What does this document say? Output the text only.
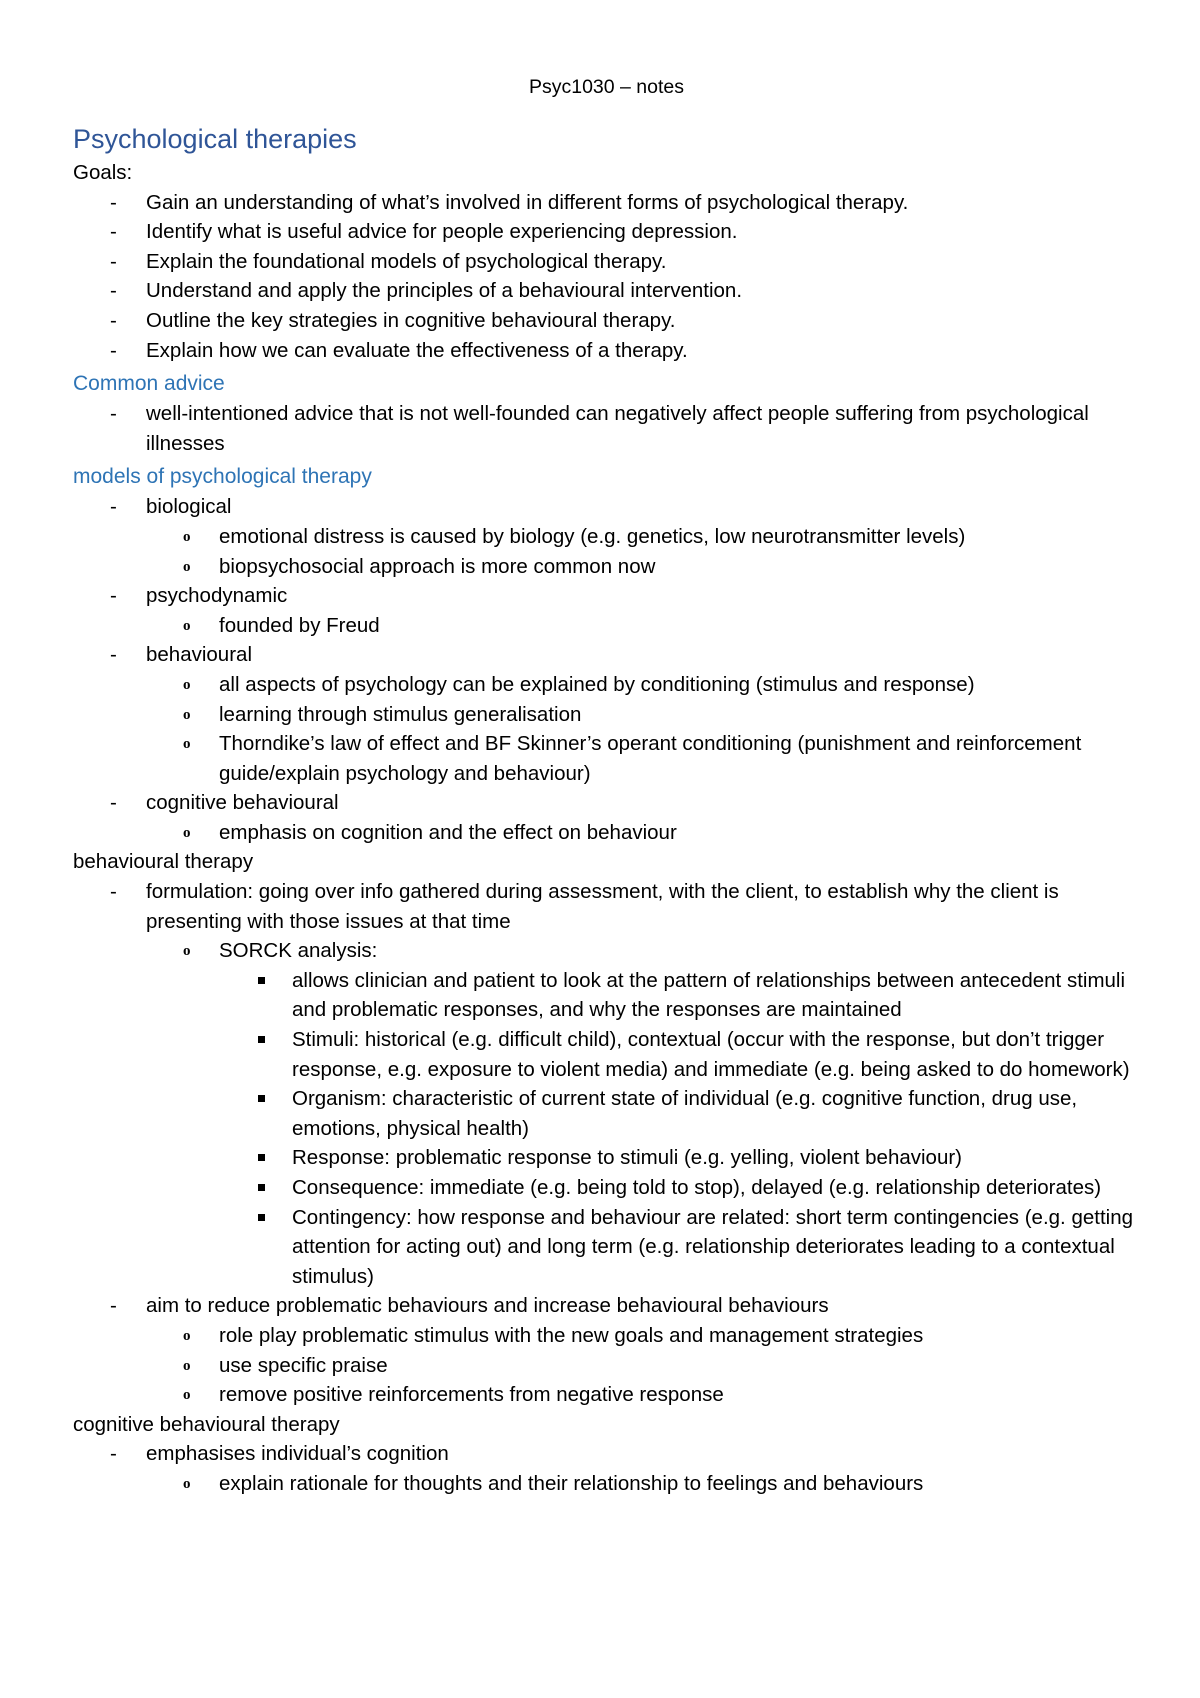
Psyc1030 – notes
Psychological therapies
Goals:
- Gain an understanding of what’s involved in different forms of psychological therapy.
- Identify what is useful advice for people experiencing depression.
- Explain the foundational models of psychological therapy.
- Understand and apply the principles of a behavioural intervention.
- Outline the key strategies in cognitive behavioural therapy.
- Explain how we can evaluate the effectiveness of a therapy.
Common advice
- well-intentioned advice that is not well-founded can negatively affect people suffering from psychological illnesses
models of psychological therapy
- biological
o emotional distress is caused by biology (e.g. genetics, low neurotransmitter levels)
o biopsychosocial approach is more common now
- psychodynamic
o founded by Freud
- behavioural
o all aspects of psychology can be explained by conditioning (stimulus and response)
o learning through stimulus generalisation
o Thorndike’s law of effect and BF Skinner’s operant conditioning (punishment and reinforcement guide/explain psychology and behaviour)
- cognitive behavioural
o emphasis on cognition and the effect on behaviour
behavioural therapy
- formulation: going over info gathered during assessment, with the client, to establish why the client is presenting with those issues at that time
o SORCK analysis:
allows clinician and patient to look at the pattern of relationships between antecedent stimuli and problematic responses, and why the responses are maintained
Stimuli: historical (e.g. difficult child), contextual (occur with the response, but don’t trigger response, e.g. exposure to violent media) and immediate (e.g. being asked to do homework)
Organism: characteristic of current state of individual (e.g. cognitive function, drug use, emotions, physical health)
Response: problematic response to stimuli (e.g. yelling, violent behaviour)
Consequence: immediate (e.g. being told to stop), delayed (e.g. relationship deteriorates)
Contingency: how response and behaviour are related: short term contingencies (e.g. getting attention for acting out) and long term (e.g. relationship deteriorates leading to a contextual stimulus)
- aim to reduce problematic behaviours and increase behavioural behaviours
o role play problematic stimulus with the new goals and management strategies
o use specific praise
o remove positive reinforcements from negative response
cognitive behavioural therapy
- emphasises individual’s cognition
o explain rationale for thoughts and their relationship to feelings and behaviours
